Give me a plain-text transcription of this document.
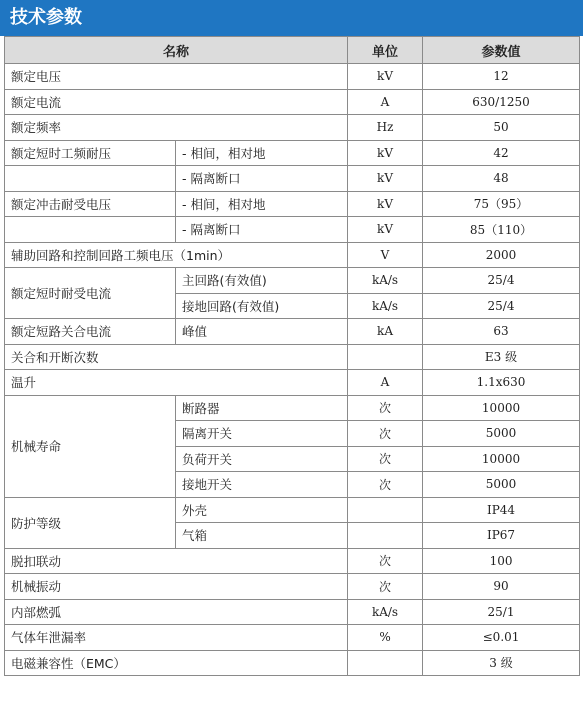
技术参数
名称		单位	参数值
额定电压		kV	12
额定电流		A	630/1250
额定频率		Hz	50
额定短时工频耐压	- 相间，相对地	kV	42
	- 隔离断口	kV	48
额定冲击耐受电压	- 相间，相对地	kV	75（95）
	- 隔离断口	kV	85（110）
辅助回路和控制回路工频电压（1min）		V	2000
额定短时耐受电流	主回路(有效值)	kA/s	25/4
	接地回路(有效值)	kA/s	25/4
额定短路关合电流	峰值	kA	63
关合和开断次数			E3 级
温升		A	1.1x630
机械寿命	断路器	次	10000
	隔离开关	次	5000
	负荷开关	次	10000
	接地开关	次	5000
防护等级	外壳		IP44
	气箱		IP67
脱扣联动		次	100
机械振动		次	90
内部燃弧		kA/s	25/1
气体年泄漏率		%	≤0.01
电磁兼容性（EMC）			3 级
